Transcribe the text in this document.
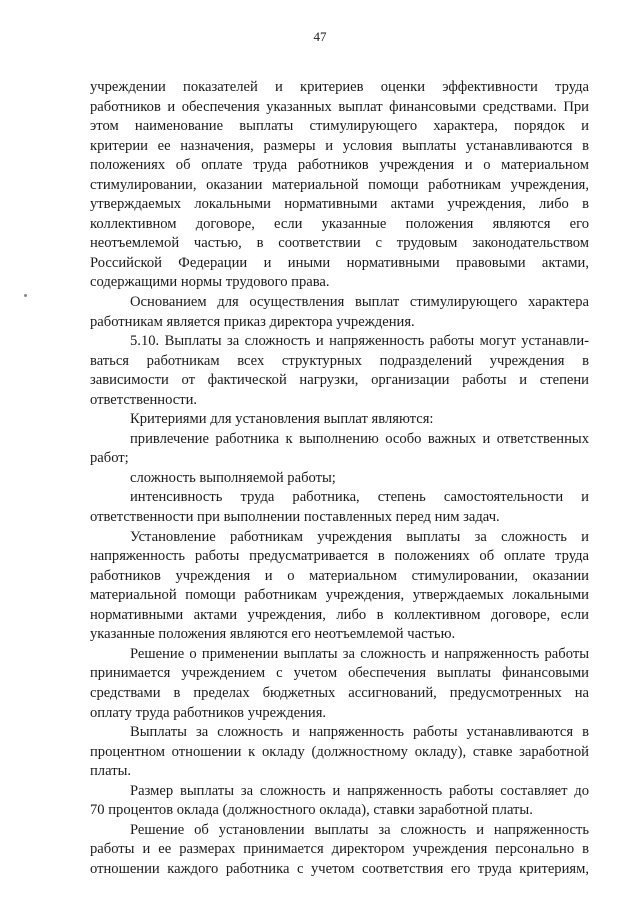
47
учреждении показателей и критериев оценки эффективности труда
работников и обеспечения указанных выплат финансовыми средствами. При
этом наименование выплаты стимулирующего характера, порядок и
критерии ее назначения, размеры и условия выплаты устанавливаются в
положениях об оплате труда работников учреждения и о материальном
стимулировании, оказании материальной помощи работникам учреждения,
утверждаемых локальными нормативными актами учреждения, либо в
коллективном договоре, если указанные положения являются его
неотъемлемой частью, в соответствии с трудовым законодательством
Российской Федерации и иными нормативными правовыми актами,
содержащими нормы трудового права.
Основанием для осуществления выплат стимулирующего характера
работникам является приказ директора учреждения.
5.10. Выплаты за сложность и напряженность работы могут устанавли-
ваться работникам всех структурных подразделений учреждения в
зависимости от фактической нагрузки, организации работы и степени
ответственности.
Критериями для установления выплат являются:
привлечение работника к выполнению особо важных и ответственных
работ;
сложность выполняемой работы;
интенсивность труда работника, степень самостоятельности и
ответственности при выполнении поставленных перед ним задач.
Установление работникам учреждения выплаты за сложность и
напряженность работы предусматривается в положениях об оплате труда
работников учреждения и о материальном стимулировании, оказании
материальной помощи работникам учреждения, утверждаемых локальными
нормативными актами учреждения, либо в коллективном договоре, если
указанные положения являются его неотъемлемой частью.
Решение о применении выплаты за сложность и напряженность работы
принимается учреждением с учетом обеспечения выплаты финансовыми
средствами в пределах бюджетных ассигнований, предусмотренных на
оплату труда работников учреждения.
Выплаты за сложность и напряженность работы устанавливаются в
процентном отношении к окладу (должностному окладу), ставке заработной
платы.
Размер выплаты за сложность и напряженность работы составляет до
70 процентов оклада (должностного оклада), ставки заработной платы.
Решение об установлении выплаты за сложность и напряженность
работы и ее размерах принимается директором учреждения персонально в
отношении каждого работника с учетом соответствия его труда критериям,
